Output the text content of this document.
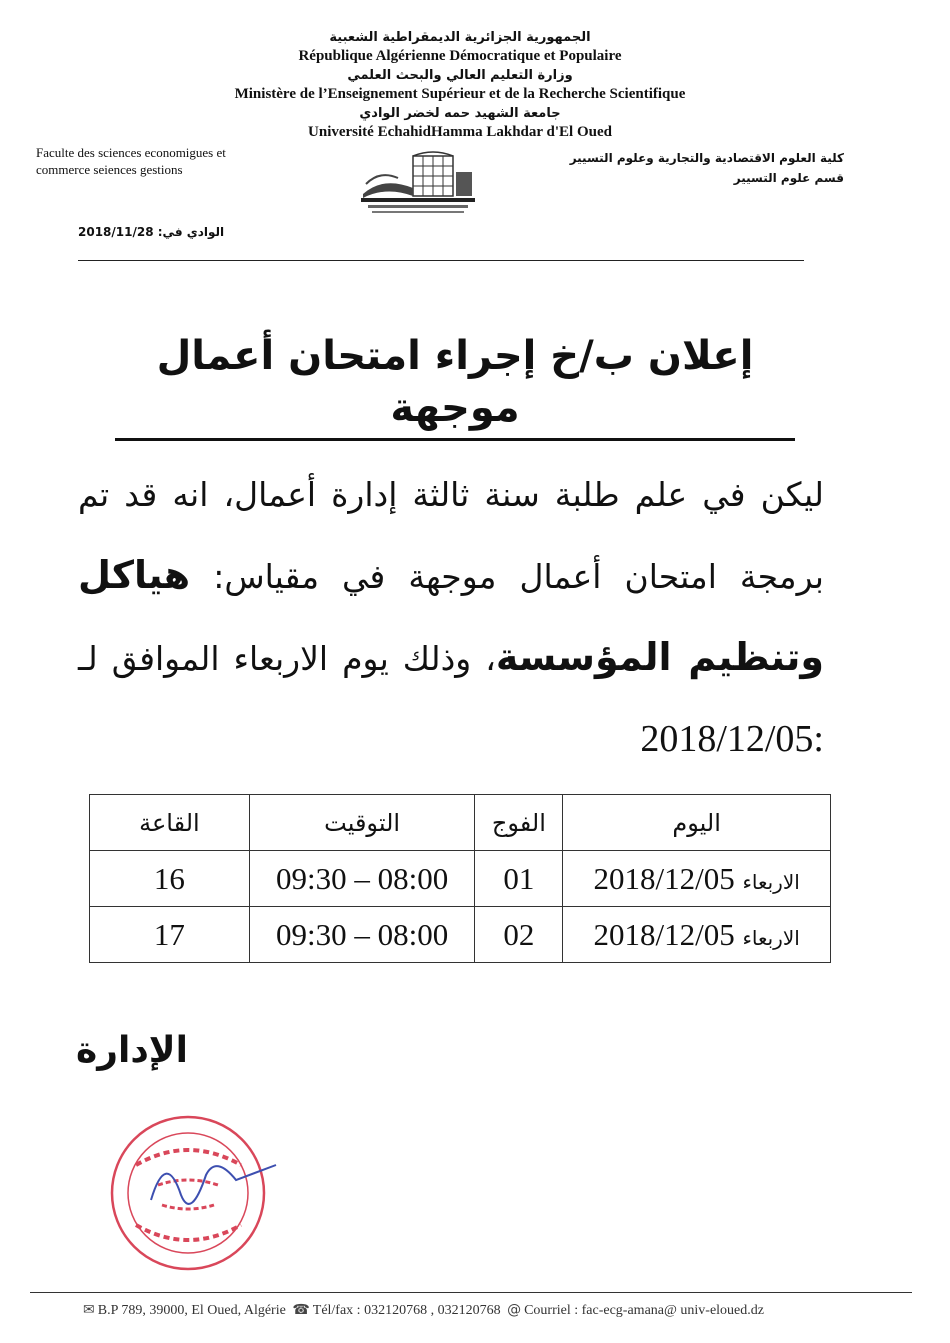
الجمهورية الجزائرية الديمقراطية الشعبية
République Algérienne Démocratique et Populaire
وزارة التعليم العالي والبحث العلمي
Ministère de l’Enseignement Supérieur et de la Recherche Scientifique
جامعة الشهيد حمه لخضر الوادي
Université EchahidHamma Lakhdar d'El Oued
Faculte des sciences economigues et
commerce seiences gestions
كلية العلوم الاقتصادية والتجارية وعلوم التسيير
قسم علوم التسيير
2018/11/28 الوادي في:
إعلان ب/خ إجراء امتحان أعمال موجهة
ليكن في علم طلبة سنة ثالثة إدارة أعمال، انه قد تم برمجة امتحان أعمال موجهة في مقياس: هياكل وتنظيم المؤسسة، وذلك يوم الاربعاء الموافق لـ 2018/12/05:
اليوم	الفوج	التوقيت	القاعة
الاربعاء 2018/12/05	01	09:30 – 08:00	16
الاربعاء 2018/12/05	02	09:30 – 08:00	17
الإدارة
✉ B.P 789, 39000, El Oued, Algérie ☎ Tél/fax : 032120768 , 032120768 @ Courriel : fac-ecg-amana@ univ-eloued.dz
